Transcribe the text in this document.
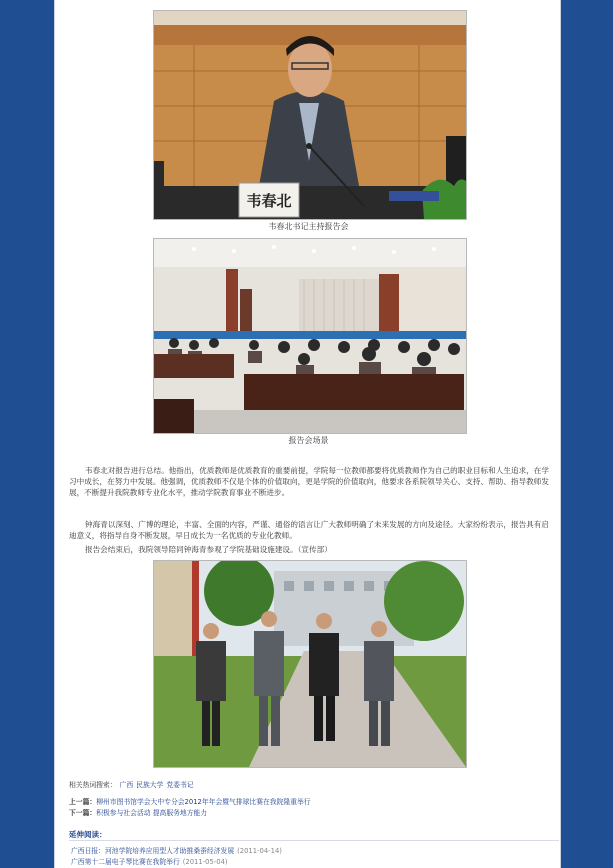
韦春北
韦春北书记主持报告会
报告会场景
韦春北对报告进行总结。他指出，优质教师是优质教育的重要前提，学院每一位教师都要将优质教师作为自己的职业目标和人生追求，在学习中成长，在努力中发展。他强调，优质教师不仅是个体的价值取向，更是学院的价值取向，他要求各系院领导关心、支持、帮助、指导教师发展，不断提升我院教师专业化水平，推动学院教育事业不断进步。
钟海青以深刻、广博的理论，丰富、全面的内容，严谨、通俗的语言让广大教师明确了未来发展的方向及途径。大家纷纷表示，报告具有启迪意义，将指导自身不断发展，早日成长为一名优质的专业化教师。
报告会结束后，我院领导陪同钟海青参观了学院基础设施建设。（宣传部）
相关热词搜索： 广西 民族大学 党委书记
上一篇：柳州市图书馆学会大中专分会2012年年会暨气排球比赛在我院隆重举行
下一篇：积极参与社会活动 提高服务地方能力
延伸阅读：
广西日报：河池学院培养应用型人才助推桑蚕经济发展 (2011-04-14)
广西第十二届电子琴比赛在我院举行 (2011-05-04)
